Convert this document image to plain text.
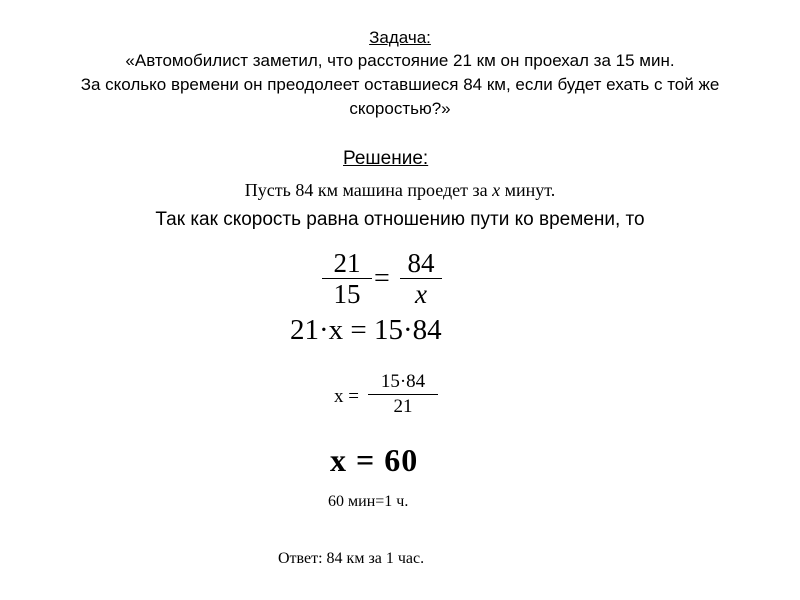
Задача:
«Автомобилист заметил, что расстояние 21 км он проехал за 15 мин.
За сколько времени он преодолеет оставшиеся 84 км, если будет ехать с той же
скоростью?»
Решение:
Пусть 84 км машина проедет за x минут.
Так как скорость равна отношению пути ко времени, то
21
15 = 84
x
21·x = 15·84
x =
15·84
21
x = 60
60 мин=1 ч.
Ответ: 84 км за 1 час.
